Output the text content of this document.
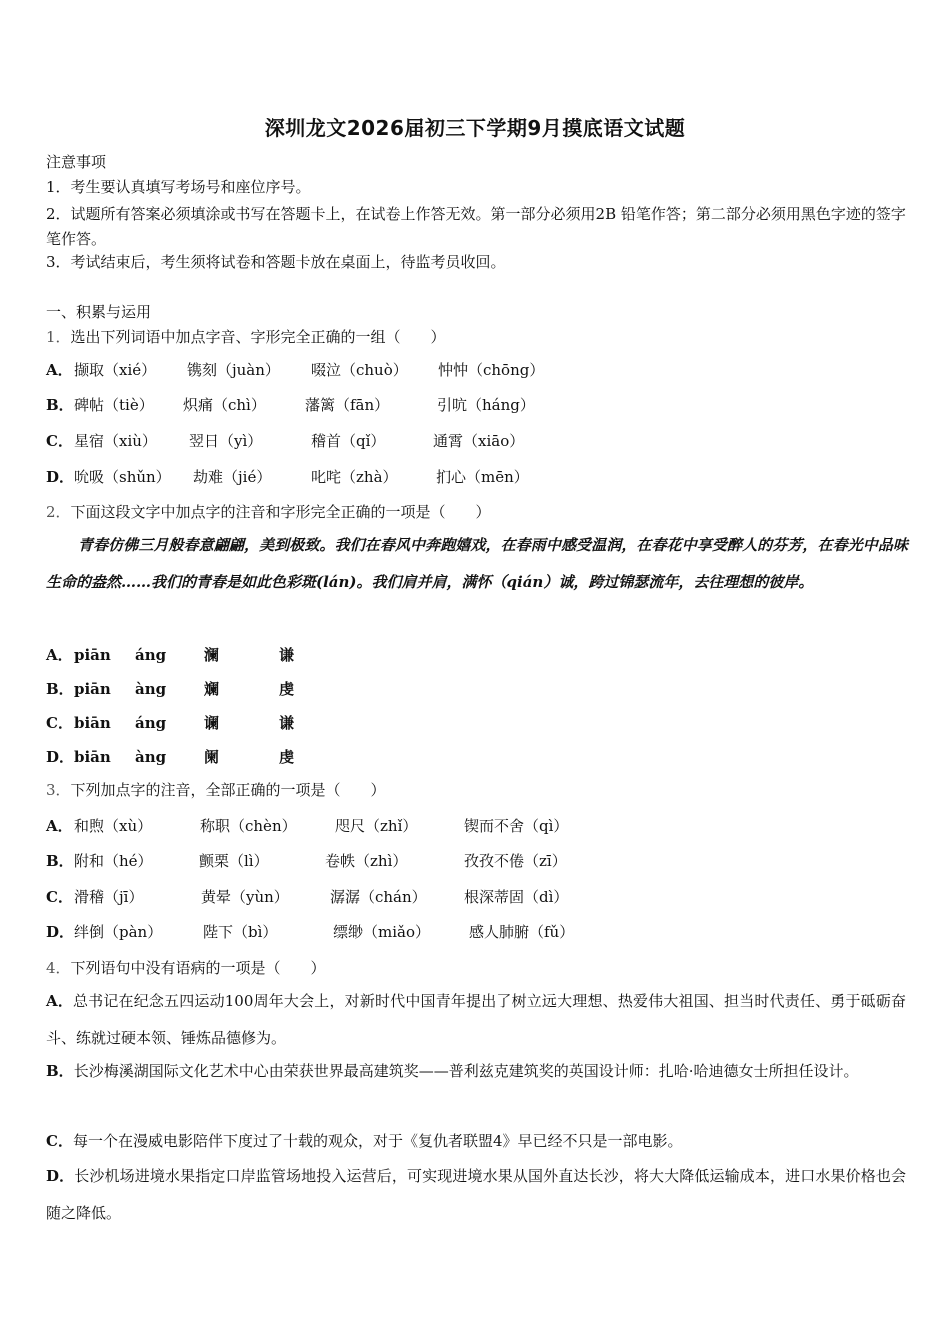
深圳龙文2026届初三下学期9月摸底语文试题
注意事项
1．考生要认真填写考场号和座位序号。
2．试题所有答案必须填涂或书写在答题卡上，在试卷上作答无效。第一部分必须用2B 铅笔作答；第二部分必须用黑色字迹的签字笔作答。
3．考试结束后，考生须将试卷和答题卡放在桌面上，待监考员收回。
一、积累与运用
1．选出下列词语中加点字音、字形完全正确的一组（　　）
A． 撷取（xié） 镌刻（juàn） 啜泣（chuò） 忡忡（chōng）
B． 碑帖（tiè） 炽痛（chì）	藩篱（fān）	引吭（háng）
C． 星宿（xiù） 翌日（yì）	稽首（qǐ）	通霄（xiāo）
D． 吮吸（shǔn） 劫难（jié）	叱咤（zhà）	扪心（mēn）
2．下面这段文字中加点字的注音和字形完全正确的一项是（　　）
青春仿佛三月般春意翩翩，美到极致。我们在春风中奔跑嬉戏，在春雨中感受温润，在春花中享受醉人的芬芳，在春光中品味生命的盎然……我们的青春是如此色彩斑(lán)。我们肩并肩，满怀（qián）诚，跨过锦瑟流年，去往理想的彼岸。
A． piān áng	澜	谦
B． piān àng	斓	虔
C． biān áng	谰	谦
D． biān àng	阑	虔
3．下列加点字的注音，全部正确的一项是（　　）
A． 和煦（xù）	称职（chèn）	咫尺（zhǐ）	锲而不舍（qì）
B． 附和（hé）	颤栗（lì）	卷帙（zhì）	孜孜不倦（zī）
C． 滑稽（jī）	黄晕（yùn）	潺潺（chán） 根深蒂固（dì）
D． 绊倒（pàn）	陛下（bì）	缥缈（miǎo）	感人肺腑（fǔ）
4．下列语句中没有语病的一项是（　　）
A．总书记在纪念五四运动100周年大会上，对新时代中国青年提出了树立远大理想、热爱伟大祖国、担当时代责任、勇于砥砺奋斗、练就过硬本领、锤炼品德修为。
B．长沙梅溪湖国际文化艺术中心由荣获世界最高建筑奖——普利兹克建筑奖的英国设计师：扎哈·哈迪德女士所担任设计。
C．每一个在漫威电影陪伴下度过了十载的观众，对于《复仇者联盟4》早已经不只是一部电影。
D．长沙机场进境水果指定口岸监管场地投入运营后，可实现进境水果从国外直达长沙，将大大降低运输成本，进口水果价格也会随之降低。
